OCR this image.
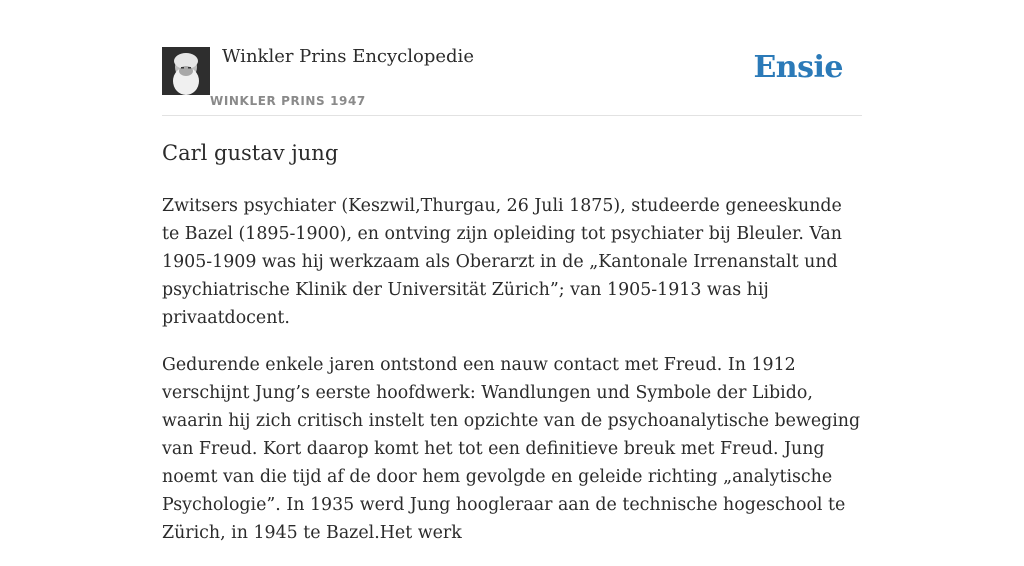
Winkler Prins Encyclopedie
WINKLER PRINS 1947
Ensie
Carl gustav jung

Zwitsers psychiater (Keszwil,Thurgau, 26 Juli 1875), studeerde geneeskunde te Bazel (1895-1900), en ontving zijn opleiding tot psychiater bij Bleuler. Van 1905-1909 was hij werkzaam als Oberarzt in de „Kantonale Irrenanstalt und psychiatrische Klinik der Universität Zürich”; van 1905-1913 was hij privaatdocent.

Gedurende enkele jaren ontstond een nauw contact met Freud. In 1912 verschijnt Jung’s eerste hoofdwerk: Wandlungen und Symbole der Libido, waarin hij zich critisch instelt ten opzichte van de psychoanalytische beweging van Freud. Kort daarop komt het tot een definitieve breuk met Freud. Jung noemt van die tijd af de door hem gevolgde en geleide richting „analytische Psychologie”. In 1935 werd Jung hoogleraar aan de technische hogeschool te Zürich, in 1945 te Bazel.Het werk
